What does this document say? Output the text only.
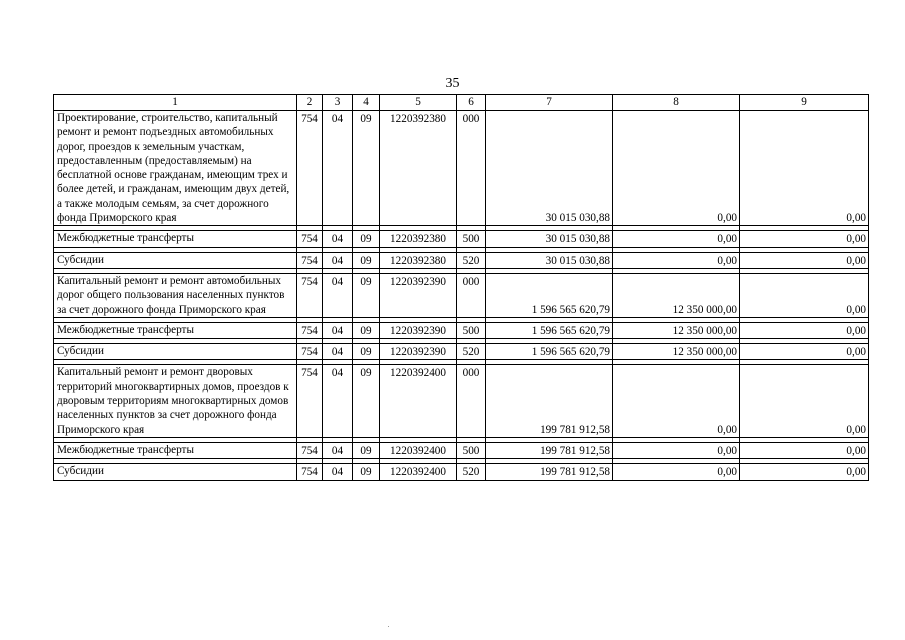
35
1	2	3	4	5	6	7	8	9
Проектирование, строительство, капитальный ремонт и ремонт подъездных автомобильных дорог, проездов к земельным участкам, предоставленным (предоставляемым) на бесплатной основе гражданам, имеющим трех и более детей, и гражданам, имеющим двух детей, а также молодым семьям, за счет дорожного фонда Приморского края	754	04	09	1220392380	000	30 015 030,88	0,00	0,00

Межбюджетные трансферты	754	04	09	1220392380	500	30 015 030,88	0,00	0,00

Субсидии	754	04	09	1220392380	520	30 015 030,88	0,00	0,00

Капитальный ремонт и ремонт автомобильных дорог общего пользования населенных пунктов за счет дорожного фонда Приморского края	754	04	09	1220392390	000	1 596 565 620,79	12 350 000,00	0,00

Межбюджетные трансферты	754	04	09	1220392390	500	1 596 565 620,79	12 350 000,00	0,00

Субсидии	754	04	09	1220392390	520	1 596 565 620,79	12 350 000,00	0,00

Капитальный ремонт и ремонт дворовых территорий многоквартирных домов, проездов к дворовым территориям многоквартирных домов населенных пунктов за счет дорожного фонда Приморского края	754	04	09	1220392400	000	199 781 912,58	0,00	0,00

Межбюджетные трансферты	754	04	09	1220392400	500	199 781 912,58	0,00	0,00

Субсидии	754	04	09	1220392400	520	199 781 912,58	0,00	0,00
